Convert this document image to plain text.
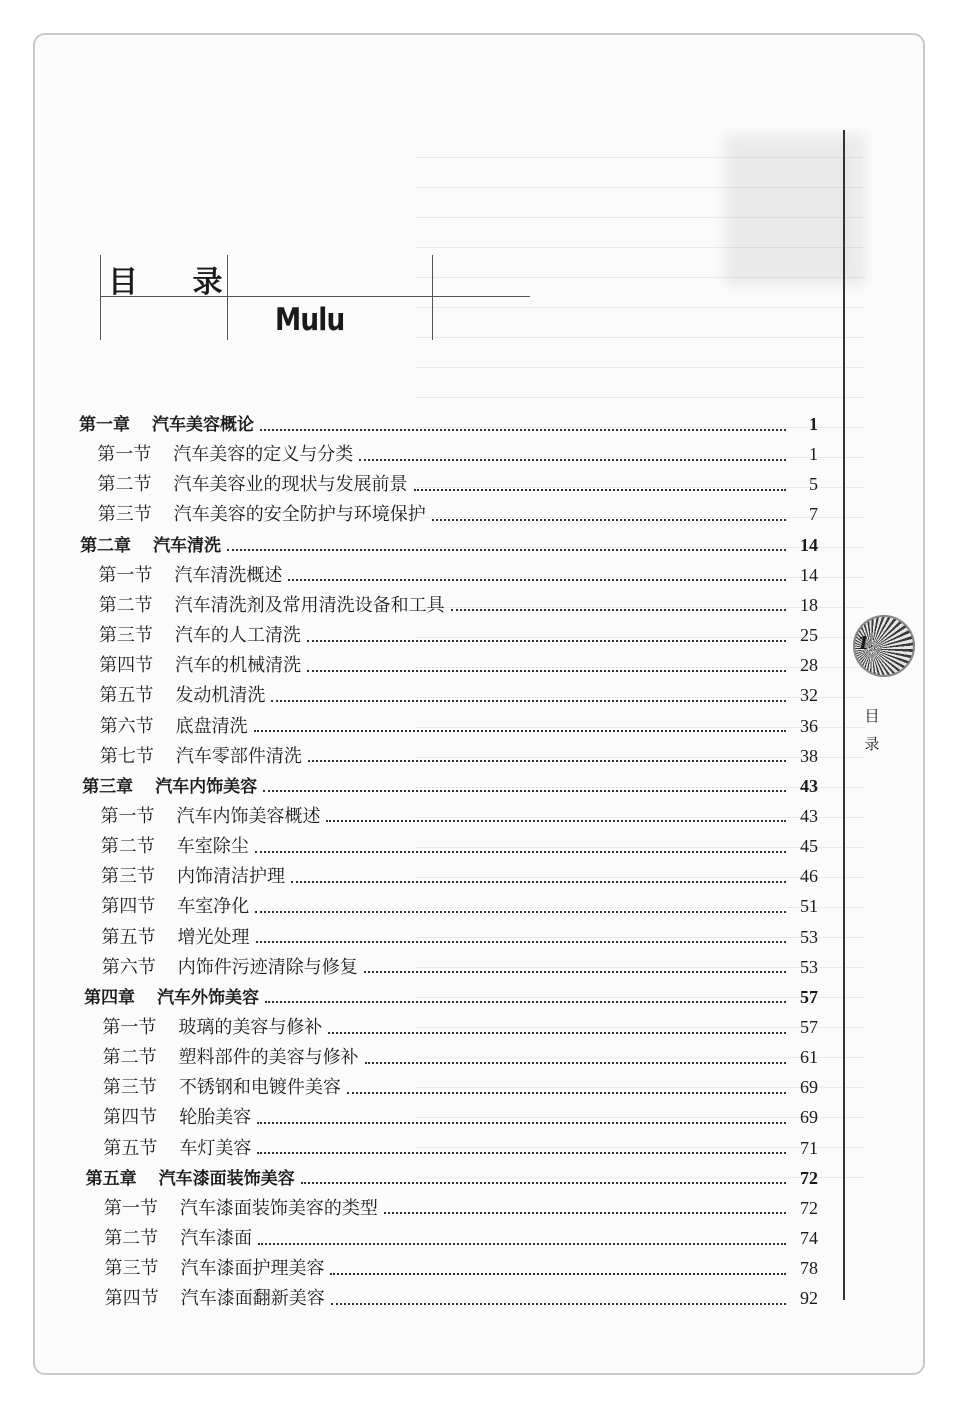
1
目
录
目 录
Mulu
第一章 汽车美容概论	1
第一节 汽车美容的定义与分类	1
第二节 汽车美容业的现状与发展前景	5
第三节 汽车美容的安全防护与环境保护	7
第二章 汽车清洗	14
第一节 汽车清洗概述	14
第二节 汽车清洗剂及常用清洗设备和工具	18
第三节 汽车的人工清洗	25
第四节 汽车的机械清洗	28
第五节 发动机清洗	32
第六节 底盘清洗	36
第七节 汽车零部件清洗	38
第三章 汽车内饰美容	43
第一节 汽车内饰美容概述	43
第二节 车室除尘	45
第三节 内饰清洁护理	46
第四节 车室净化	51
第五节 增光处理	53
第六节 内饰件污迹清除与修复	53
第四章 汽车外饰美容	57
第一节 玻璃的美容与修补	57
第二节 塑料部件的美容与修补	61
第三节 不锈钢和电镀件美容	69
第四节 轮胎美容	69
第五节 车灯美容	71
第五章 汽车漆面装饰美容	72
第一节 汽车漆面装饰美容的类型	72
第二节 汽车漆面	74
第三节 汽车漆面护理美容	78
第四节 汽车漆面翻新美容	92
